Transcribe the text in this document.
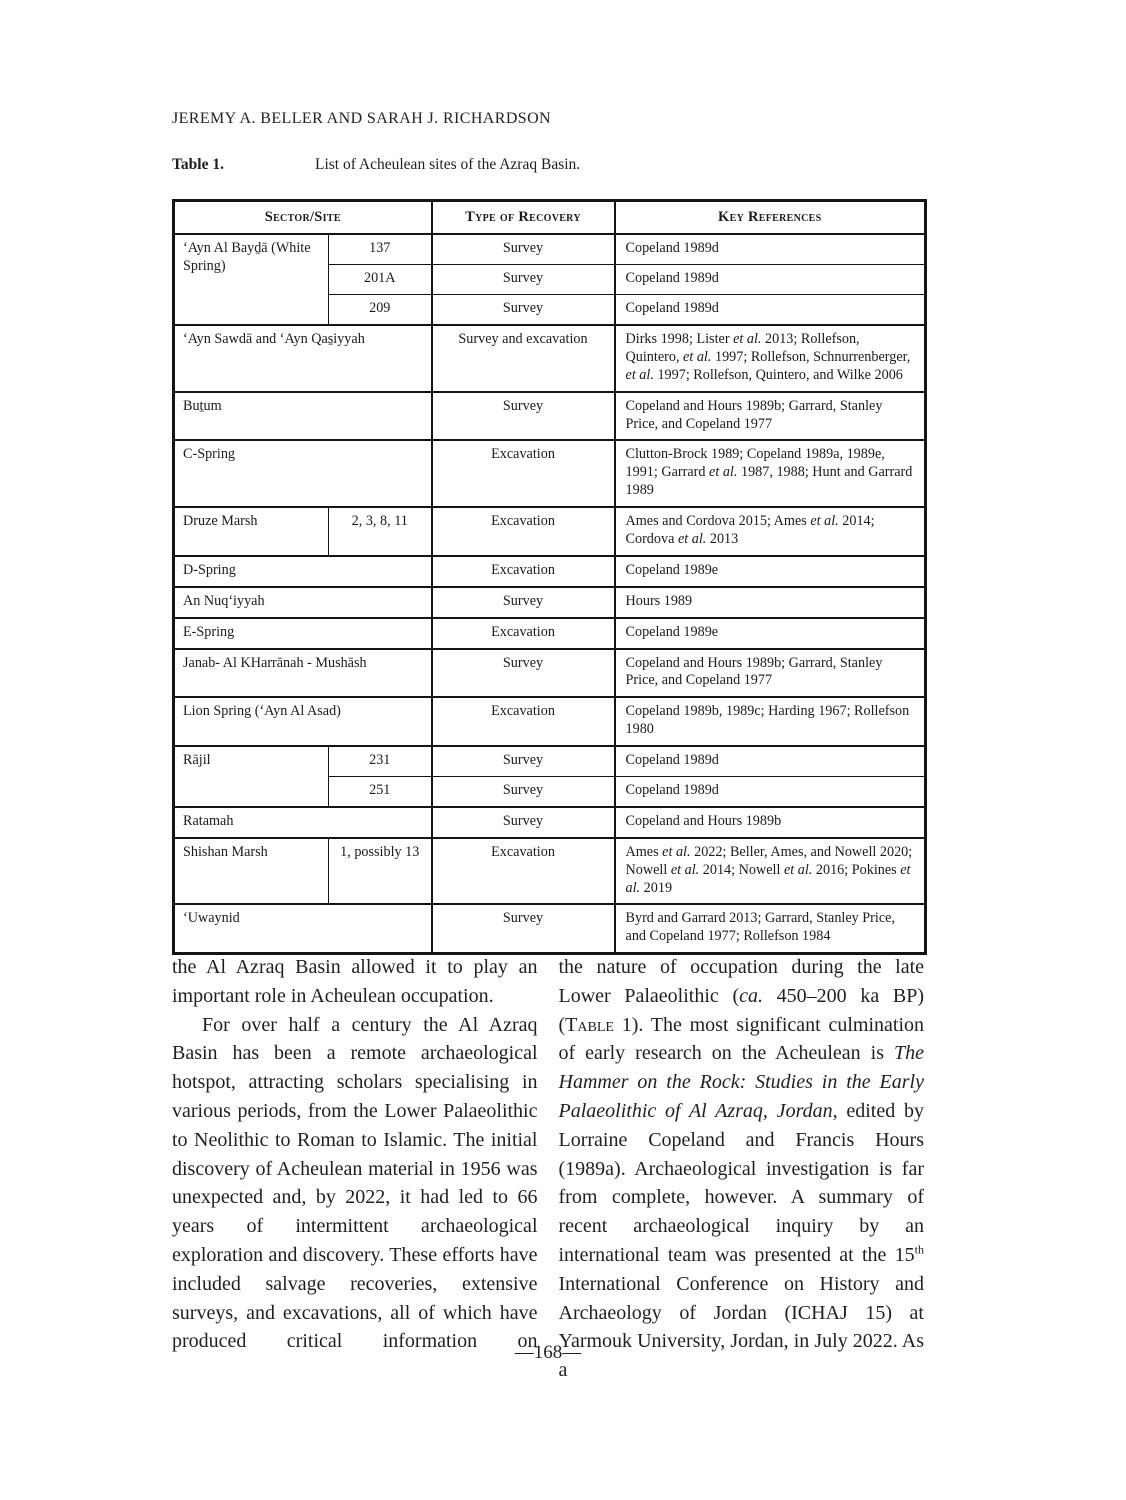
JEREMY A. BELLER AND SARAH J. RICHARDSON
Table 1.	List of Acheulean sites of the Azraq Basin.
Sector/Site		Type of Recovery	Key References
‘Ayn Al Bayḏā (White Spring)	137	Survey	Copeland 1989d
	201A	Survey	Copeland 1989d
	209	Survey	Copeland 1989d
‘Ayn Sawdā and ‘Ayn Qas̱iyyah		Survey and excavation	Dirks 1998; Lister et al. 2013; Rollefson, Quintero, et al. 1997; Rollefson, Schnurrenberger, et al. 1997; Rollefson, Quintero, and Wilke 2006
Buṯum		Survey	Copeland and Hours 1989b; Garrard, Stanley Price, and Copeland 1977
C-Spring		Excavation	Clutton-Brock 1989; Copeland 1989a, 1989e, 1991; Garrard et al. 1987, 1988; Hunt and Garrard 1989
Druze Marsh	2, 3, 8, 11	Excavation	Ames and Cordova 2015; Ames et al. 2014; Cordova et al. 2013
D-Spring		Excavation	Copeland 1989e
An Nuq‘iyyah		Survey	Hours 1989
E-Spring		Excavation	Copeland 1989e
Janab- Al KHarrānah - Mushāsh		Survey	Copeland and Hours 1989b; Garrard, Stanley Price, and Copeland 1977
Lion Spring (‘Ayn Al Asad)		Excavation	Copeland 1989b, 1989c; Harding 1967; Rollefson 1980
Rājil	231	Survey	Copeland 1989d
	251	Survey	Copeland 1989d
Ratamah		Survey	Copeland and Hours 1989b
Shishan Marsh	1, possibly 13	Excavation	Ames et al. 2022; Beller, Ames, and Nowell 2020; Nowell et al. 2014; Nowell et al. 2016; Pokines et al. 2019
‘Uwaynid		Survey	Byrd and Garrard 2013; Garrard, Stanley Price, and Copeland 1977; Rollefson 1984

the Al Azraq Basin allowed it to play an important role in Acheulean occupation.

For over half a century the Al Azraq Basin has been a remote archaeological hotspot, attracting scholars specialising in various periods, from the Lower Palaeolithic to Neolithic to Roman to Islamic. The initial discovery of Acheulean material in 1956 was unexpected and, by 2022, it had led to 66 years of intermittent archaeological exploration and discovery. These efforts have included salvage recoveries, extensive surveys, and excavations, all of which have produced critical information on

the nature of occupation during the late Lower Palaeolithic (ca. 450–200 ka BP) (Table 1). The most significant culmination of early research on the Acheulean is The Hammer on the Rock: Studies in the Early Palaeolithic of Al Azraq, Jordan, edited by Lorraine Copeland and Francis Hours (1989a). Archaeological investigation is far from complete, however. A summary of recent archaeological inquiry by an international team was presented at the 15th International Conference on History and Archaeology of Jordan (ICHAJ 15) at Yarmouk University, Jordan, in July 2022. As a

—168—
